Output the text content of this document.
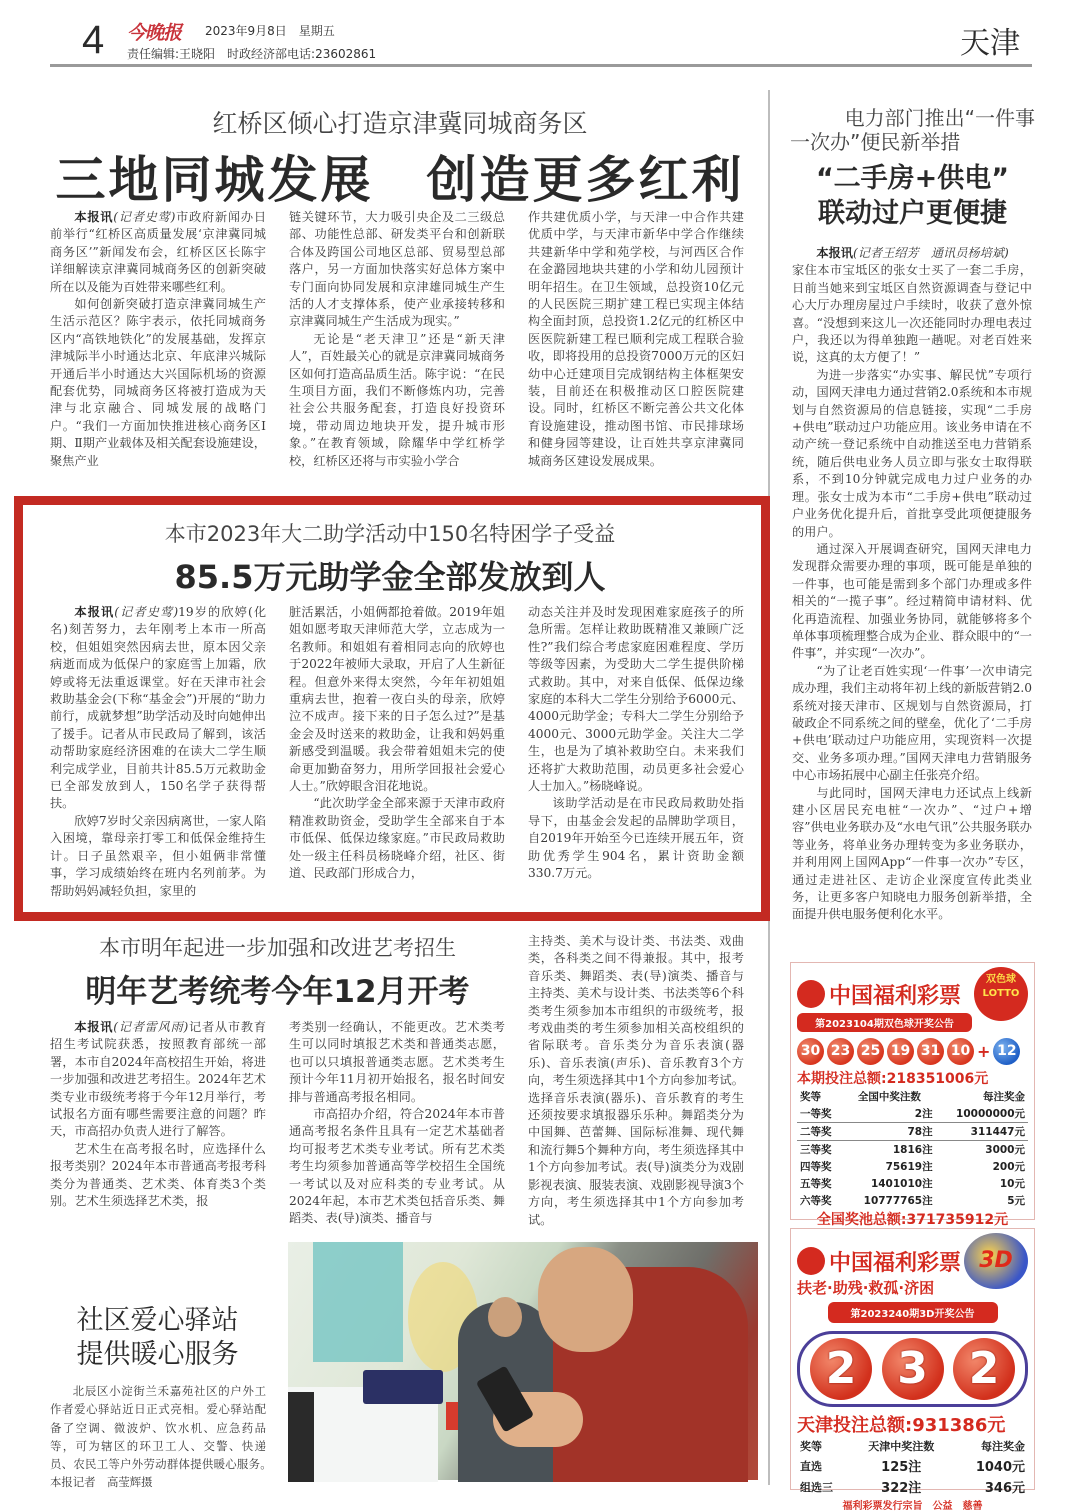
4 今晚报 2023年9月8日　星期五
责任编辑:王晓阳　时政经济部电话:23602861	天津
红桥区倾心打造京津冀同城商务区
三地同城发展　创造更多红利

本报讯(记者史莺)市政府新闻办日前举行“红桥区高质量发展‘京津冀同城商务区’”新闻发布会，红桥区区长陈宇详细解读京津冀同城商务区的创新突破所在以及能为百姓带来哪些红利。

如何创新突破打造京津冀同城生产生活示范区？陈宇表示，依托同城商务区内“高铁地铁化”的发展基础，发挥京津城际半小时通达北京、年底津兴城际开通后半小时通达大兴国际机场的资源配套优势，同城商务区将被打造成为天津与北京融合、同城发展的战略门户。“我们一方面加快推进核心商务区Ⅰ期、Ⅱ期产业载体及相关配套设施建设，聚焦产业

链关键环节，大力吸引央企及二三级总部、功能性总部、研发类平台和创新联合体及跨国公司地区总部、贸易型总部落户，另一方面加快落实好总体方案中专门面向协同发展和京津雄同城生产生活的人才支撑体系，使产业承接转移和京津冀同城生产生活成为现实。”

无论是“老天津卫”还是“新天津人”，百姓最关心的就是京津冀同城商务区如何打造高品质生活。陈宇说：“在民生项目方面，我们不断修炼内功，完善社会公共服务配套，打造良好投资环境，带动周边地块开发，提升城市形象。”在教育领域，除耀华中学红桥学校，红桥区还将与市实验小学合

作共建优质小学，与天津一中合作共建优质中学，与天津市新华中学合作继续共建新华中学和苑学校，与河西区合作在金潞园地块共建的小学和幼儿园预计明年招生。在卫生领域，总投资10亿元的人民医院三期扩建工程已实现主体结构全面封顶，总投资1.2亿元的红桥区中医医院新建工程已顺利完成工程联合验收，即将投用的总投资7000万元的区妇幼中心迁建项目完成钢结构主体框架安装，目前还在积极推动区口腔医院建设。同时，红桥区不断完善公共文化体育设施建设，推动图书馆、市民排球场和健身园等建设，让百姓共享京津冀同城商务区建设发展成果。

本市2023年大二助学活动中150名特困学子受益
85.5万元助学金全部发放到人

本报讯(记者史莺)19岁的欣婷(化名)刻苦努力，去年刚考上本市一所高校，但姐姐突然因病去世，原本因父亲病逝而成为低保户的家庭雪上加霜，欣婷或将无法重返课堂。好在天津市社会救助基金会(下称“基金会”)开展的“助力前行，成就梦想”助学活动及时向她伸出了援手。记者从市民政局了解到，该活动帮助家庭经济困难的在读大二学生顺利完成学业，目前共计85.5万元救助金已全部发放到人，150名学子获得帮扶。

欣婷7岁时父亲因病离世，一家人陷入困境，靠母亲打零工和低保金维持生计。日子虽然艰辛，但小姐俩非常懂事，学习成绩始终在班内名列前茅。为帮助妈妈减轻负担，家里的

脏活累活，小姐俩都抢着做。2019年姐姐如愿考取天津师范大学，立志成为一名教师。和姐姐有着相同志向的欣婷也于2022年被师大录取，开启了人生新征程。但意外来得太突然，今年年初姐姐重病去世，抱着一夜白头的母亲，欣婷泣不成声。接下来的日子怎么过?”是基金会及时送来的救助金，让我和妈妈重新感受到温暖。我会带着姐姐未完的使命更加勤奋努力，用所学回报社会爱心人士。”欣婷眼含泪花地说。

“此次助学金全部来源于天津市政府精准救助资金，受助学生全部来自于本市低保、低保边缘家庭。”市民政局救助处一级主任科员杨晓峰介绍，社区、街道、民政部门形成合力，

动态关注并及时发现困难家庭孩子的所急所需。怎样让救助既精准又兼顾广泛性?”我们综合考虑家庭困难程度、学历等级等因素，为受助大二学生提供阶梯式救助。其中，对来自低保、低保边缘家庭的本科大二学生分别给予6000元、4000元助学金；专科大二学生分别给予4000元、3000元助学金。关注大二学生，也是为了填补救助空白。未来我们还将扩大救助范围，动员更多社会爱心人士加入。”杨晓峰说。

该助学活动是在市民政局救助处指导下，由基金会发起的品牌助学项目，自2019年开始至今已连续开展五年，资助优秀学生904名，累计资助金额330.7万元。

本市明年起进一步加强和改进艺考招生
明年艺考统考今年12月开考

本报讯(记者雷风雨)记者从市教育招生考试院获悉，按照教育部统一部署，本市自2024年高校招生开始，将进一步加强和改进艺考招生。2024年艺术类专业市级统考将于今年12月举行，考试报名方面有哪些需要注意的问题？昨天，市高招办负责人进行了解答。

艺术生在高考报名时，应选择什么报考类别？2024年本市普通高考报考科类分为普通类、艺术类、体育类3个类别。艺术生须选择艺术类，报

考类别一经确认，不能更改。艺术类考生可以同时填报艺术类和普通类志愿，也可以只填报普通类志愿。艺术类考生预计今年11月初开始报名，报名时间安排与普通高考报名相同。

市高招办介绍，符合2024年本市普通高考报名条件且具有一定艺术基础者均可报考艺术类专业考试。所有艺术类考生均须参加普通高等学校招生全国统一考试以及对应科类的专业考试。从2024年起，本市艺术类包括音乐类、舞蹈类、表(导)演类、播音与

主持类、美术与设计类、书法类、戏曲类，各科类之间不得兼报。其中，报考音乐类、舞蹈类、表(导)演类、播音与主持类、美术与设计类、书法类等6个科类考生须参加本市组织的市级统考，报考戏曲类的考生须参加相关高校组织的省际联考。音乐类分为音乐表演(器乐)、音乐表演(声乐)、音乐教育3个方向，考生须选择其中1个方向参加考试。选择音乐表演(器乐)、音乐教育的考生还须按要求填报器乐乐种。舞蹈类分为中国舞、芭蕾舞、国际标准舞、现代舞和流行舞5个舞种方向，考生须选择其中1个方向参加考试。表(导)演类分为戏剧影视表演、服装表演、戏剧影视导演3个方向，考生须选择其中1个方向参加考试。

社区爱心驿站
提供暖心服务

北辰区小淀街兰禾嘉苑社区的户外工作者爱心驿站近日正式亮相。爱心驿站配备了空调、微波炉、饮水机、应急药品等，可为辖区的环卫工人、交警、快递员、农民工等户外劳动群体提供暖心服务。　本报记者　高莹辉摄

电力部门推出“一件事
一次办”便民新举措
“二手房+供电”
联动过户更便捷

本报讯(记者王绍芳　通讯员杨培斌)

家住本市宝坻区的张女士买了一套二手房，日前当她来到宝坻区自然资源调查与登记中心大厅办理房屋过户手续时，收获了意外惊喜。“没想到来这儿一次还能同时办理电表过户，我还以为得单独跑一趟呢。对老百姓来说，这真的太方便了！”

为进一步落实“办实事、解民忧”专项行动，国网天津电力通过营销2.0系统和本市规划与自然资源局的信息链接，实现“二手房+供电”联动过户功能应用。该业务申请在不动产统一登记系统中自动推送至电力营销系统，随后供电业务人员立即与张女士取得联系，不到10分钟就完成电力过户业务的办理。张女士成为本市“二手房+供电”联动过户业务优化提升后，首批享受此项便捷服务的用户。

通过深入开展调查研究，国网天津电力发现群众需要办理的事项，既可能是单独的一件事，也可能是需到多个部门办理或多件相关的“一揽子事”。经过精简申请材料、优化再造流程、加强业务协同，就能够将多个单体事项梳理整合成为企业、群众眼中的“一件事”，并实现“一次办”。

“为了让老百姓实现‘一件事’一次申请完成办理，我们主动将年初上线的新版营销2.0系统对接天津市、区规划与自然资源局，打破政企不同系统之间的壁垒，优化了‘二手房+供电’联动过户功能应用，实现资料一次提交、业务多项办理。”国网天津电力营销服务中心市场拓展中心副主任张亮介绍。

与此同时，国网天津电力还试点上线新建小区居民充电桩“一次办”、“过户+增容”供电业务联办及“水电气讯”公共服务联办等业务，将单业务办理转变为多业务联办，并利用网上国网App“一件事一次办”专区，通过走进社区、走访企业深度宣传此类业务，让更多客户知晓电力服务创新举措，全面提升供电服务便利化水平。

中国福利彩票
双色球
LOTTO
第2023104期双色球开奖公告
30 23 25 19 31 10 + 12
本期投注总额:218351006元
奖等	全国中奖注数	每注奖金
一等奖	2注	10000000元
二等奖	78注	311447元
三等奖	1816注	3000元
四等奖	75619注	200元
五等奖	1401010注	10元
六等奖	10777765注	5元
全国奖池总额:371735912元
中国福利彩票 3D
扶老·助残·救孤·济困
第2023240期3D开奖公告
2 3 2
天津投注总额:931386元
奖等	天津中奖注数	每注奖金
直选	125注	1040元
组选三	322注	346元
福利彩票发行宗旨　公益　慈善
